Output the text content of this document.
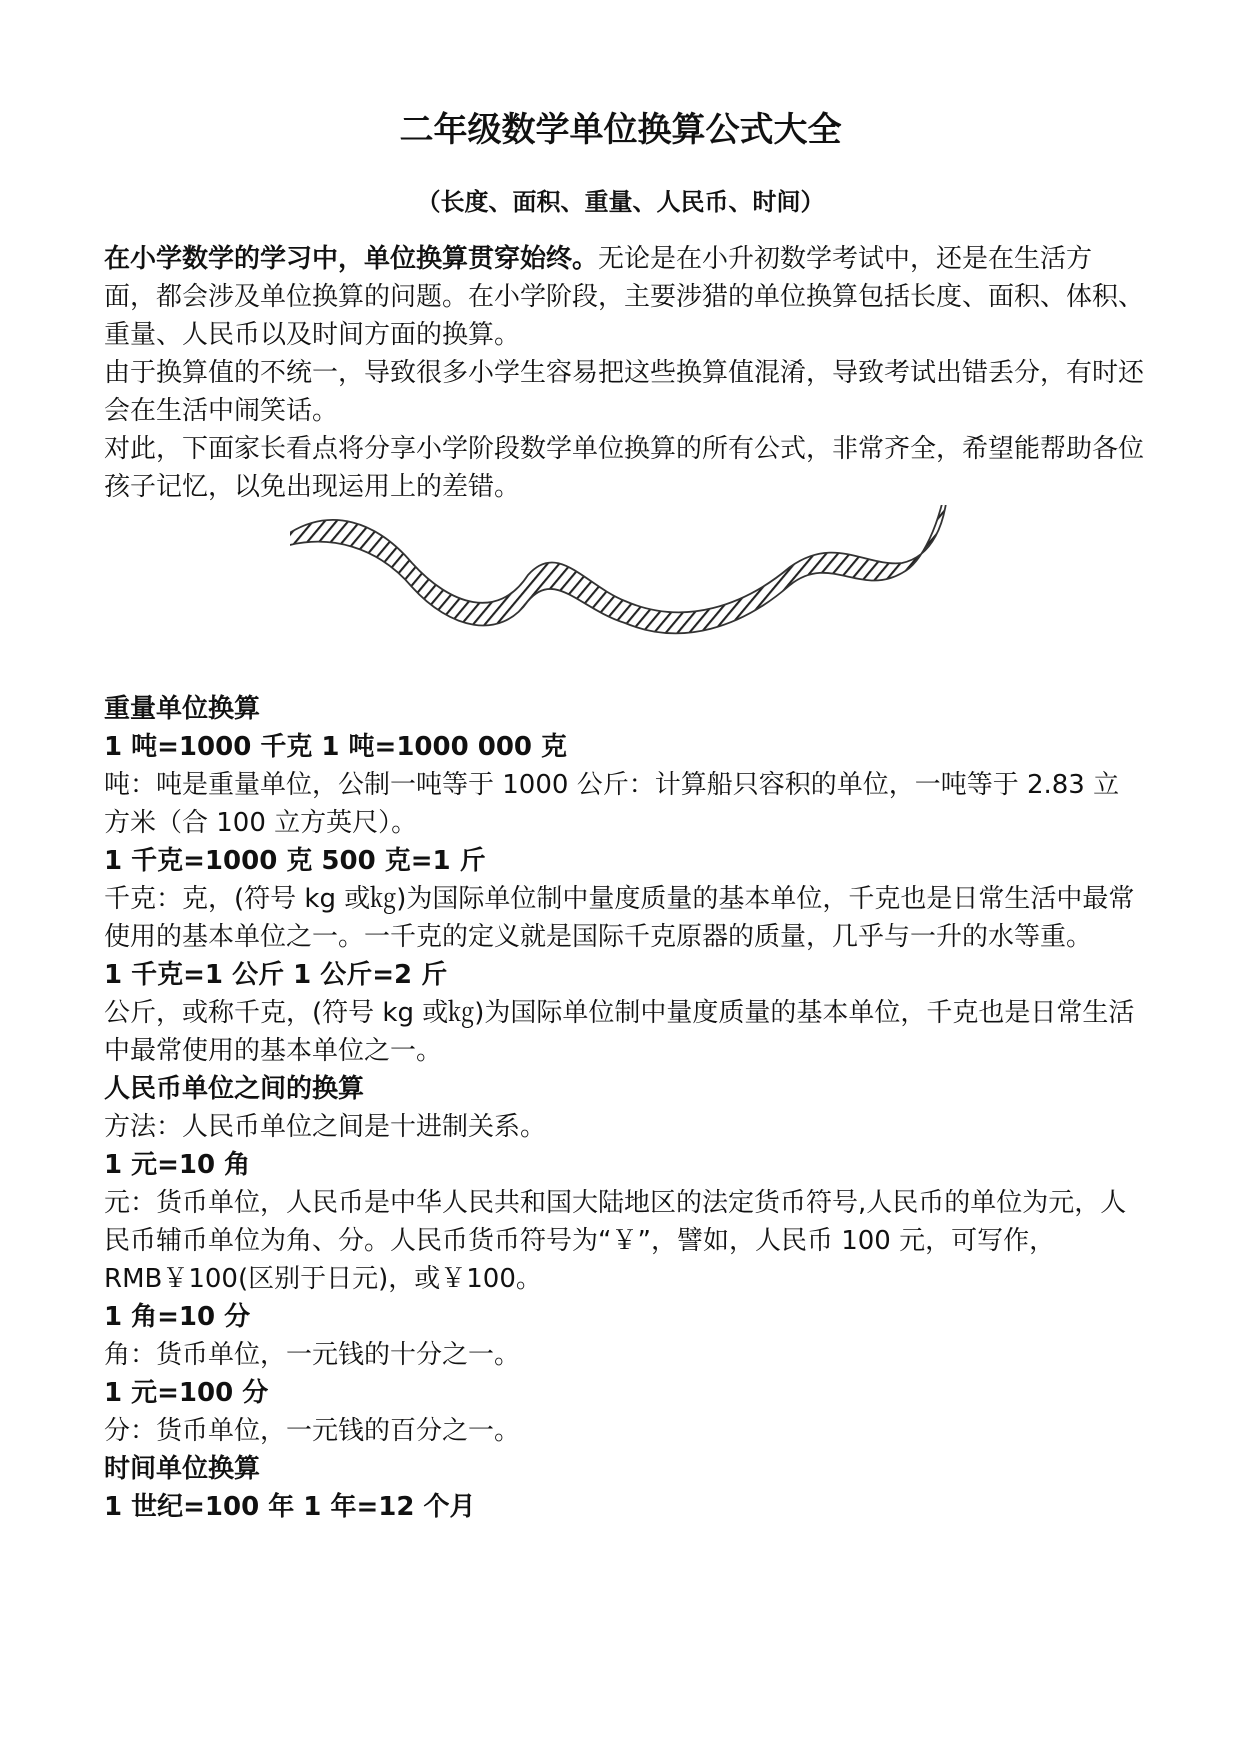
二年级数学单位换算公式大全
（长度、面积、重量、人民币、时间）

在小学数学的学习中，单位换算贯穿始终。无论是在小升初数学考试中，还是在生活方面，都会涉及单位换算的问题。在小学阶段，主要涉猎的单位换算包括长度、面积、体积、重量、人民币以及时间方面的换算。

由于换算值的不统一，导致很多小学生容易把这些换算值混淆，导致考试出错丢分，有时还会在生活中闹笑话。

对此，下面家长看点将分享小学阶段数学单位换算的所有公式，非常齐全，希望能帮助各位孩子记忆，以免出现运用上的差错。

重量单位换算

1 吨=1000 千克 1 吨=1000 000 克

吨：吨是重量单位，公制一吨等于 1000 公斤：计算船只容积的单位，一吨等于 2.83 立方米（合 100 立方英尺）。

1 千克=1000 克 500 克=1 斤

千克：克，(符号 kg 或㎏)为国际单位制中量度质量的基本单位，千克也是日常生活中最常使用的基本单位之一。一千克的定义就是国际千克原器的质量，几乎与一升的水等重。

1 千克=1 公斤 1 公斤=2 斤

公斤，或称千克，(符号 kg 或㎏)为国际单位制中量度质量的基本单位，千克也是日常生活中最常使用的基本单位之一。

人民币单位之间的换算

方法：人民币单位之间是十进制关系。

1 元=10 角

元：货币单位，人民币是中华人民共和国大陆地区的法定货币符号,人民币的单位为元，人民币辅币单位为角、分。人民币货币符号为“￥”，譬如，人民币 100 元，可写作，RMB￥100(区别于日元)，或￥100。

1 角=10 分

角：货币单位，一元钱的十分之一。

1 元=100 分

分：货币单位，一元钱的百分之一。

时间单位换算

1 世纪=100 年 1 年=12 个月
